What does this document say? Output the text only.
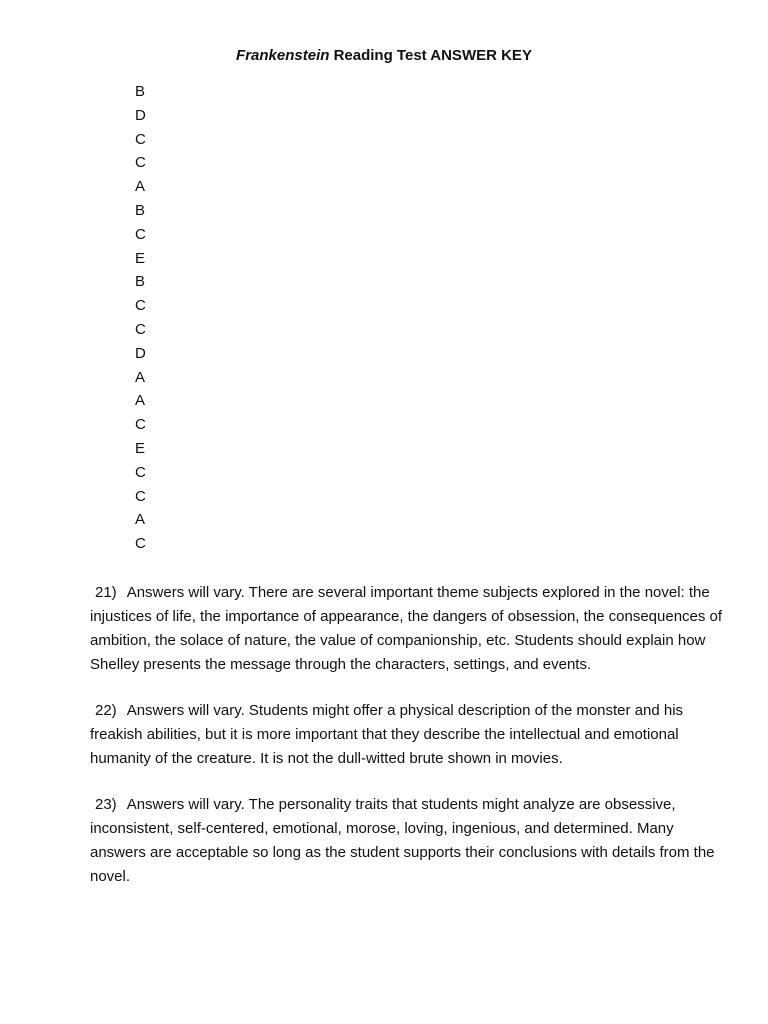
Frankenstein Reading Test ANSWER KEY
B
D
C
C
A
B
C
E
B
C
C
D
A
A
C
E
C
C
A
C

21) Answers will vary. There are several important theme subjects explored in the novel: the injustices of life, the importance of appearance, the dangers of obsession, the consequences of ambition, the solace of nature, the value of companionship, etc. Students should explain how Shelley presents the message through the characters, settings, and events.

22) Answers will vary. Students might offer a physical description of the monster and his freakish abilities, but it is more important that they describe the intellectual and emotional humanity of the creature. It is not the dull-witted brute shown in movies.

23) Answers will vary. The personality traits that students might analyze are obsessive, inconsistent, self-centered, emotional, morose, loving, ingenious, and determined. Many answers are acceptable so long as the student supports their conclusions with details from the novel.
